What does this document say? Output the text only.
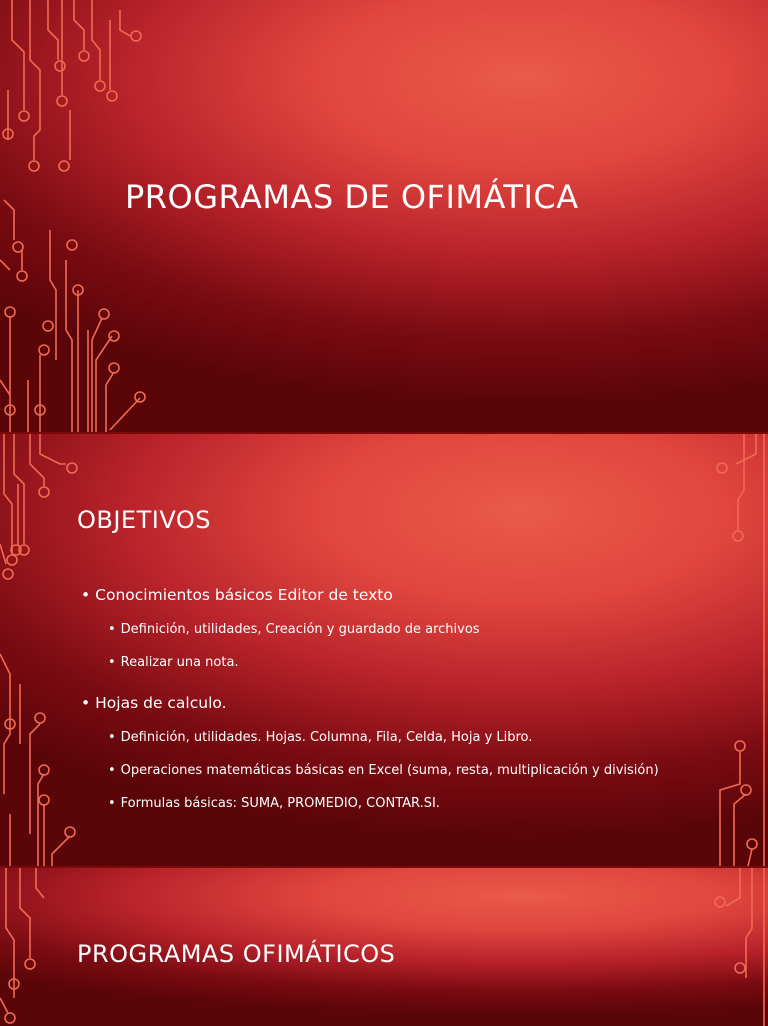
PROGRAMAS DE OFIMÁTICA
OBJETIVOS

• Conocimientos básicos Editor de texto

• Definición, utilidades, Creación y guardado de archivos

• Realizar una nota.

• Hojas de calculo.

• Definición, utilidades. Hojas. Columna, Fila, Celda, Hoja y Libro.

• Operaciones matemáticas básicas en Excel (suma, resta, multiplicación y división)

• Formulas básicas: SUMA, PROMEDIO, CONTAR.SI.

PROGRAMAS OFIMÁTICOS
